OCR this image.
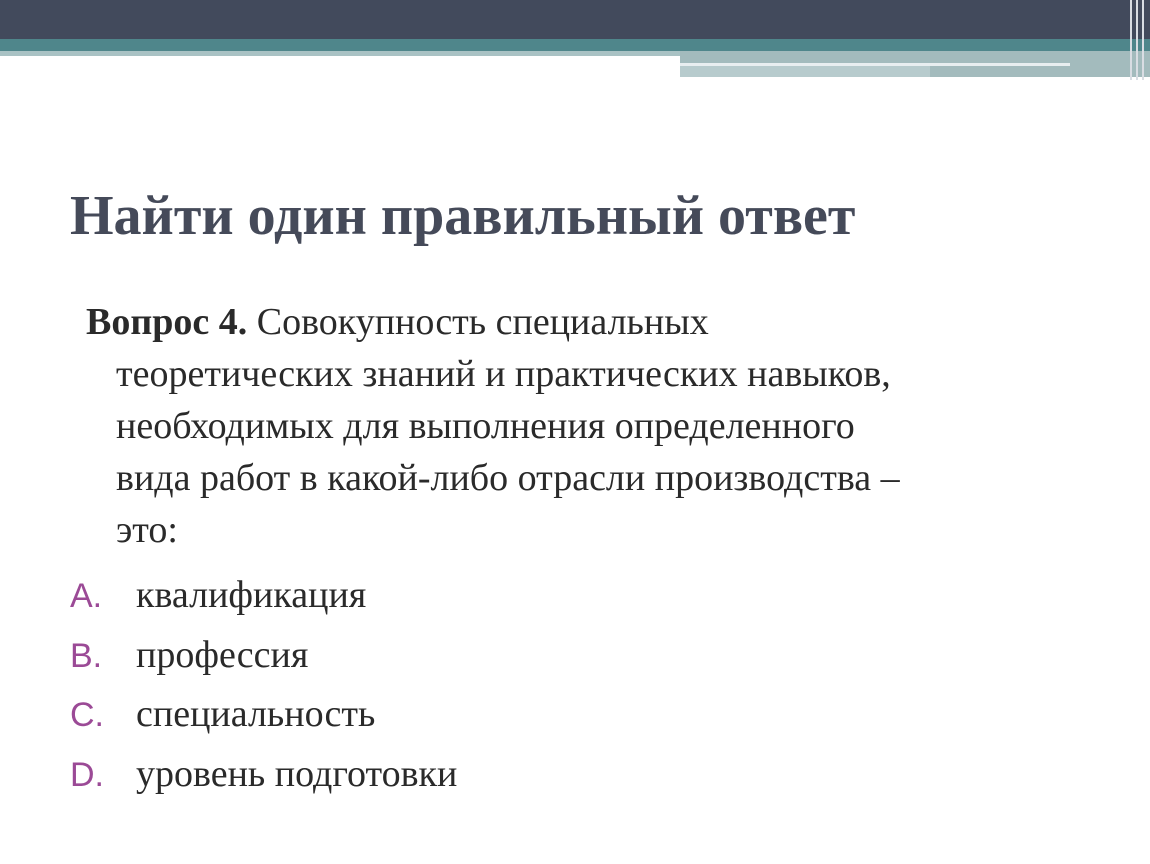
Найти один правильный ответ
Вопрос 4. Совокупность специальных
теоретических знаний и практических навыков,
необходимых для выполнения определенного
вида работ в какой-либо отрасли производства –
это:
A. квалификация
B. профессия
C. специальность
D. уровень подготовки
